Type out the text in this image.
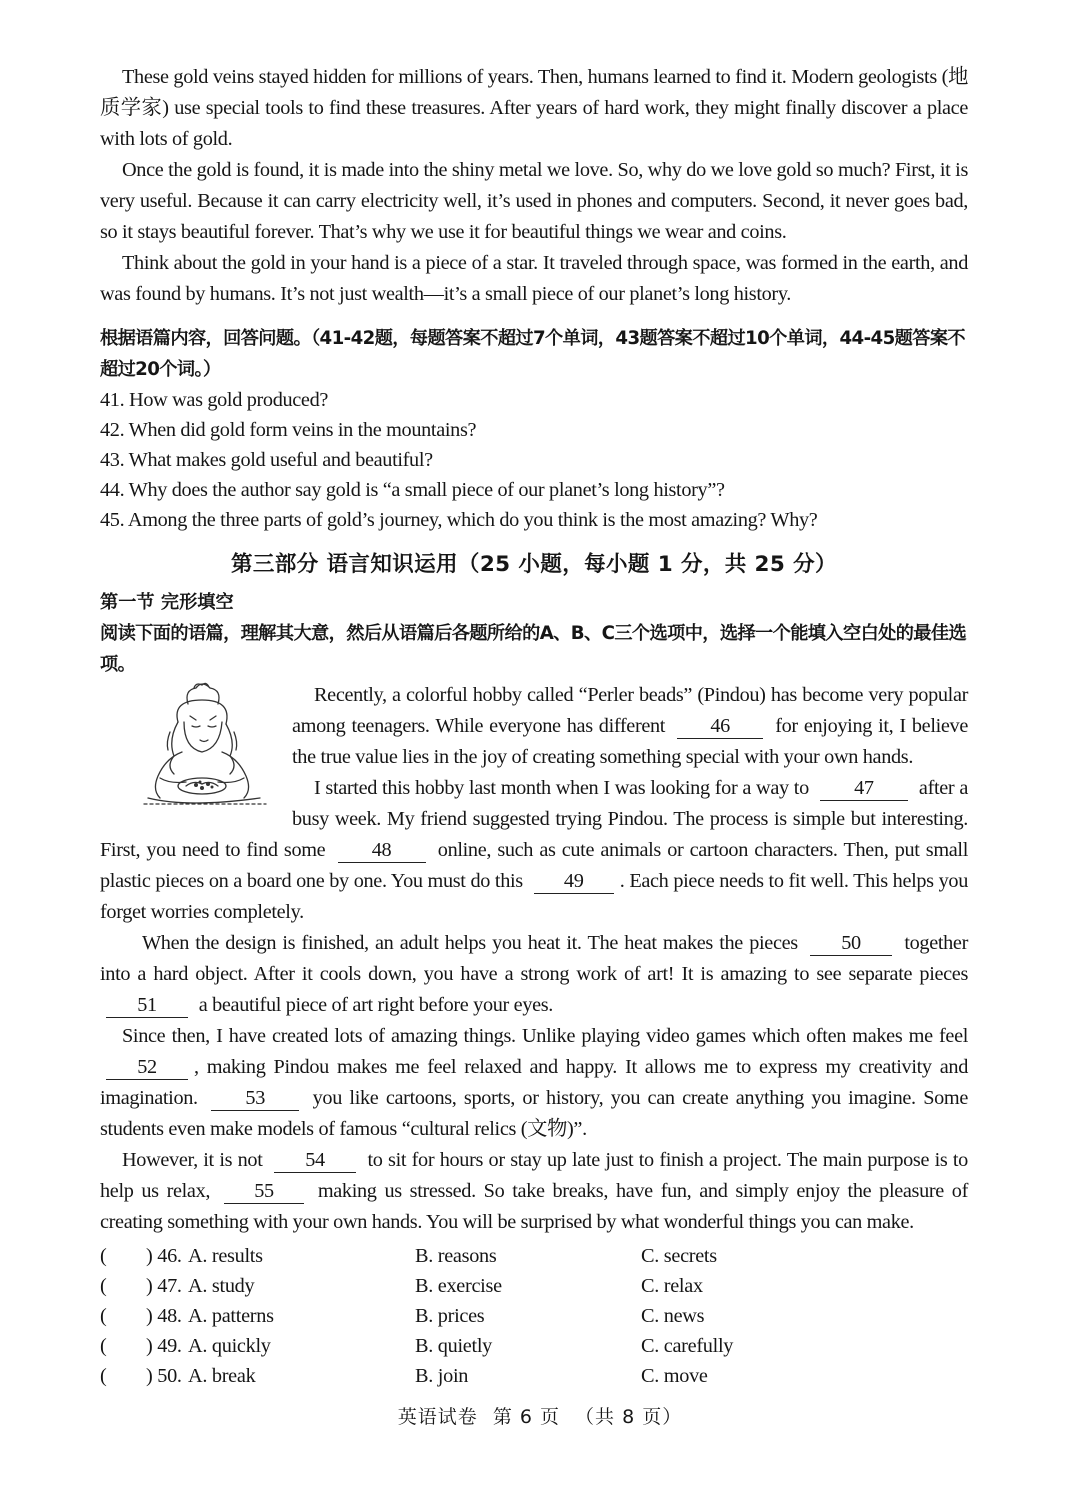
These gold veins stayed hidden for millions of years. Then, humans learned to find it. Modern geologists (地质学家) use special tools to find these treasures. After years of hard work, they might finally discover a place with lots of gold.

Once the gold is found, it is made into the shiny metal we love. So, why do we love gold so much? First, it is very useful. Because it can carry electricity well, it’s used in phones and computers. Second, it never goes bad, so it stays beautiful forever. That’s why we use it for beautiful things we wear and coins.

Think about the gold in your hand is a piece of a star. It traveled through space, was formed in the earth, and was found by humans. It’s not just wealth—it’s a small piece of our planet’s long history.

根据语篇内容，回答问题。（41-42题，每题答案不超过7个单词，43题答案不超过10个单词，44-45题答案不超过20个词。）

41. How was gold produced?

42. When did gold form veins in the mountains?

43. What makes gold useful and beautiful?

44. Why does the author say gold is “a small piece of our planet’s long history”?

45. Among the three parts of gold’s journey, which do you think is the most amazing? Why?

第三部分 语言知识运用（25 小题，每小题 1 分，共 25 分）

第一节 完形填空

阅读下面的语篇，理解其大意，然后从语篇后各题所给的A、B、C三个选项中，选择一个能填入空白处的最佳选项。

Recently, a colorful hobby called “Perler beads” (Pindou) has become very popular among teenagers. While everyone has different 46 for enjoying it, I believe the true value lies in the joy of creating something special with your own hands.

I started this hobby last month when I was looking for a way to 47 after a busy week. My friend suggested trying Pindou. The process is simple but interesting. First, you need to find some 48 online, such as cute animals or cartoon characters. Then, put small plastic pieces on a board one by one. You must do this 49 . Each piece needs to fit well. This helps you forget worries completely.

When the design is finished, an adult helps you heat it. The heat makes the pieces 50 together into a hard object. After it cools down, you have a strong work of art! It is amazing to see separate pieces 51 a beautiful piece of art right before your eyes.

Since then, I have created lots of amazing things. Unlike playing video games which often makes me feel 52 , making Pindou makes me feel relaxed and happy. It allows me to express my creativity and imagination. 53 you like cartoons, sports, or history, you can create anything you imagine. Some students even make models of famous “cultural relics (文物)”.

However, it is not 54 to sit for hours or stay up late just to finish a project. The main purpose is to help us relax, 55 making us stressed. So take breaks, have fun, and simply enjoy the pleasure of creating something with your own hands. You will be surprised by what wonderful things you can make.

( ) 46. A. results	B. reasons	C. secrets
( ) 47. A. study	B. exercise	C. relax
( ) 48. A. patterns	B. prices	C. news
( ) 49. A. quickly	B. quietly	C. carefully
( ) 50. A. break	B. join	C. move
英语试卷 第 6 页 （共 8 页）
